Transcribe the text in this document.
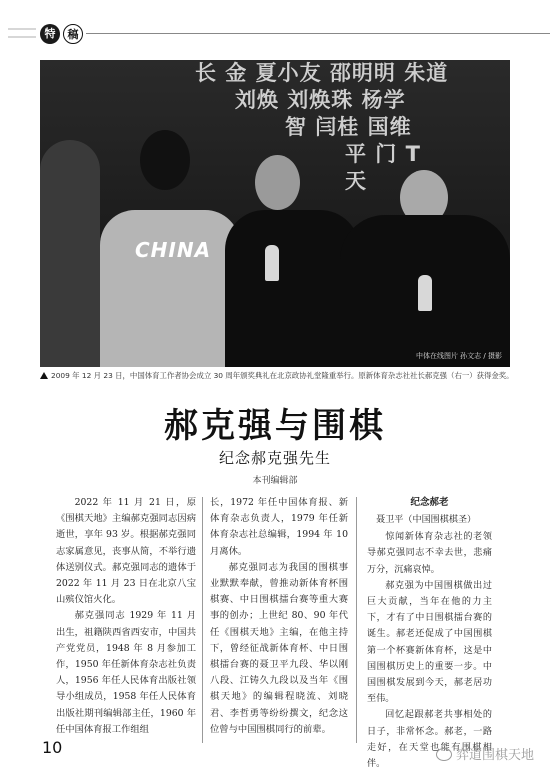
特	稿
长 金 夏小友 邵明明 朱道
刘焕 刘焕珠 杨学
智 闫桂 国维
平 门 T
天
CHINA
中体在线图片 孙文志 / 摄影
2009 年 12 月 23 日，中国体育工作者协会成立 30 周年颁奖典礼在北京政协礼堂隆重举行。原新体育杂志社社长郝克强（右一）获得金奖。
郝克强与围棋
纪念郝克强先生
本刊编辑部

2022 年 11 月 21 日，原《围棋天地》主编郝克强同志因病逝世，享年 93 岁。根据郝克强同志家属意见，丧事从简，不举行遗体送别仪式。郝克强同志的遗体于 2022 年 11 月 23 日在北京八宝山殡仪馆火化。

郝克强同志 1929 年 11 月出生，祖籍陕西省西安市，中国共产党党员，1948 年 8 月参加工作，1950 年任新体育杂志社负责人，1956 年任人民体育出版社领导小组成员，1958 年任人民体育出版社期刊编辑部主任，1960 年任中国体育报工作组组

长，1972 年任中国体育报、新体育杂志负责人，1979 年任新体育杂志社总编辑，1994 年 10 月离休。

郝克强同志为我国的围棋事业默默奉献，曾推动新体育杯围棋赛、中日围棋擂台赛等重大赛事的创办；上世纪 80、90 年代任《围棋天地》主编，在他主持下，曾经征战新体育杯、中日围棋擂台赛的聂卫平九段、华以刚八段、江铸久九段以及当年《围棋天地》的编辑程晓流、刘晓君、李哲勇等纷纷撰文，纪念这位曾与中国围棋同行的前辈。

纪念郝老
聂卫平（中国围棋棋圣）

惊闻新体育杂志社的老领导郝克强同志不幸去世，悲痛万分，沉痛哀悼。

郝克强为中国围棋做出过巨大贡献，当年在他的力主下，才有了中日围棋擂台赛的诞生。郝老还促成了中国围棋第一个杯赛新体育杯，这是中国围棋历史上的重要一步。中国围棋发展到今天，郝老居功至伟。

回忆起跟郝老共事相处的日子，非常怀念。郝老，一路走好，在天堂也能有围棋相伴。

10	弈道围棋天地
